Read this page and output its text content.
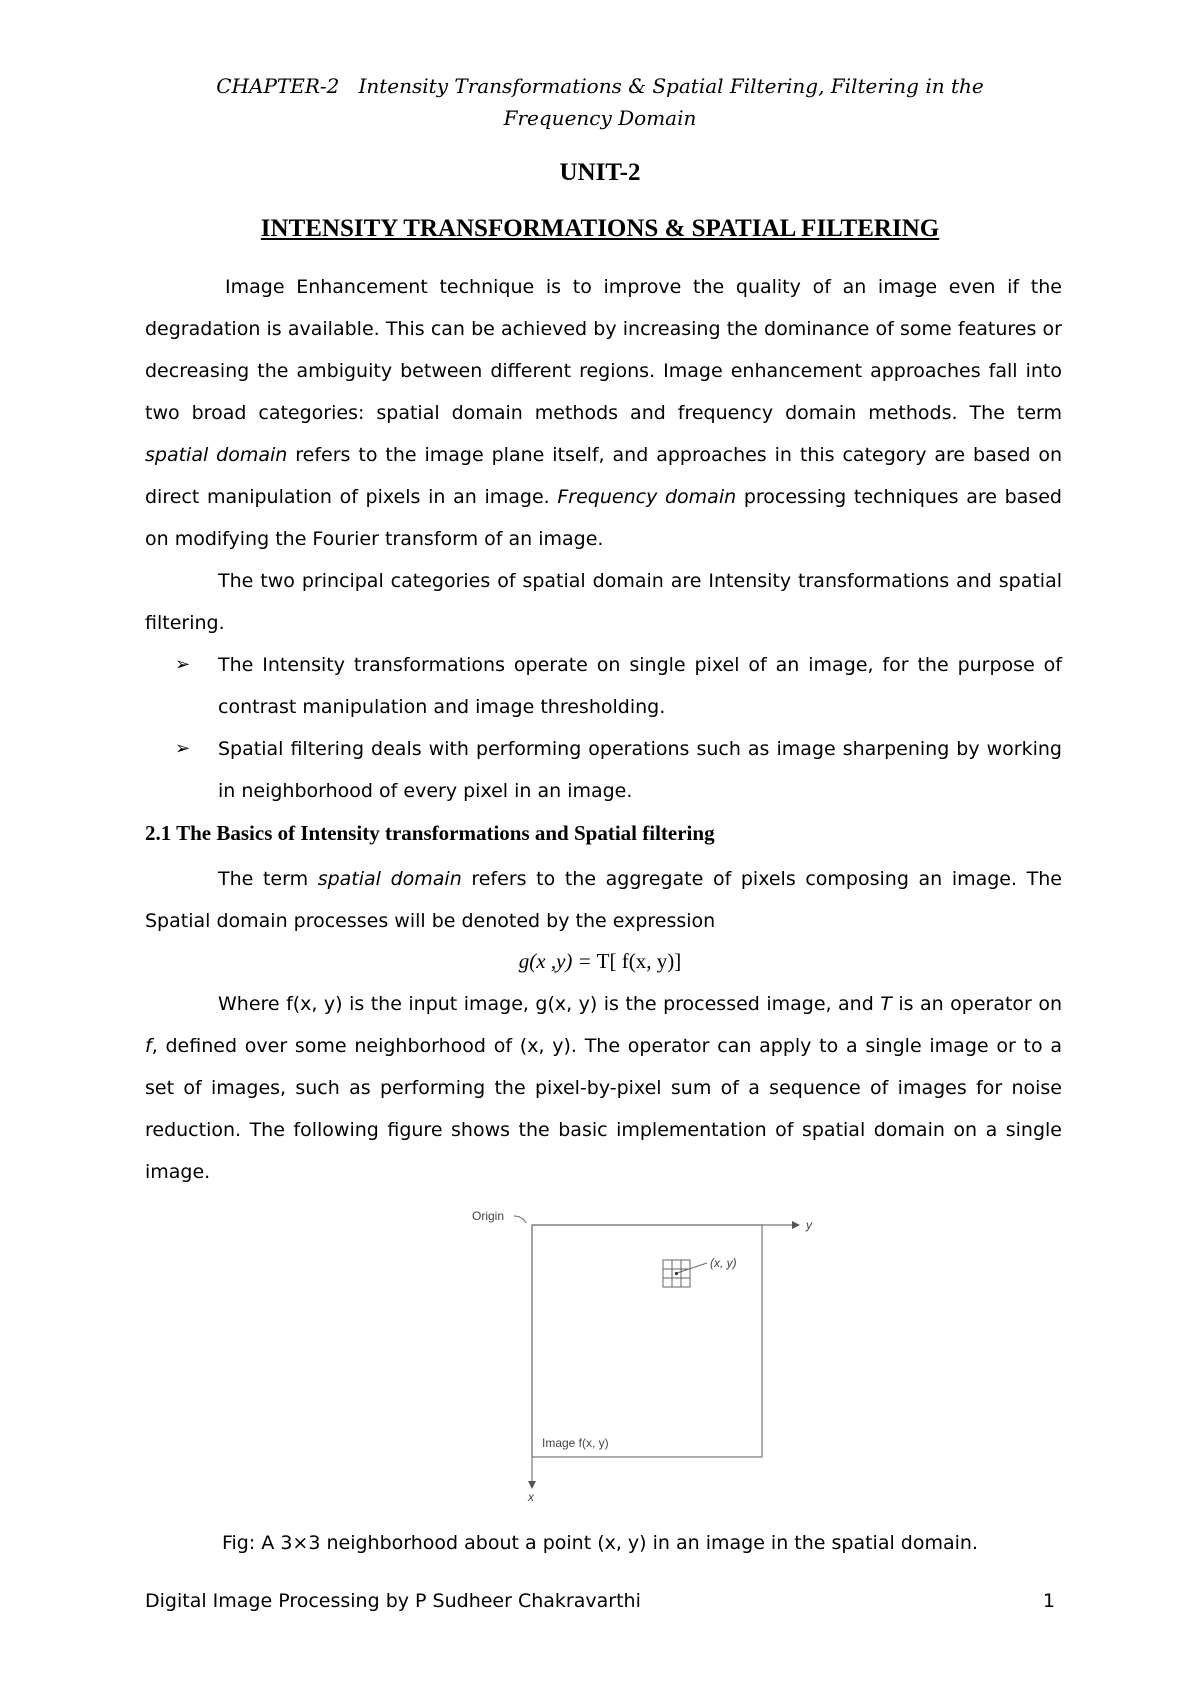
CHAPTER-2   Intensity Transformations & Spatial Filtering, Filtering in the
Frequency Domain
UNIT-2
INTENSITY TRANSFORMATIONS & SPATIAL FILTERING
Image Enhancement technique is to improve the quality of an image even if the degradation is available. This can be achieved by increasing the dominance of some features or decreasing the ambiguity between different regions. Image enhancement approaches fall into two broad categories: spatial domain methods and frequency domain methods. The term spatial domain refers to the image plane itself, and approaches in this category are based on direct manipulation of pixels in an image. Frequency domain processing techniques are based on modifying the Fourier transform of an image.
The two principal categories of spatial domain are Intensity transformations and spatial filtering.
➢ The Intensity transformations operate on single pixel of an image, for the purpose of contrast manipulation and image thresholding.
➢ Spatial filtering deals with performing operations such as image sharpening by working in neighborhood of every pixel in an image.
2.1 The Basics of Intensity transformations and Spatial filtering
The term spatial domain refers to the aggregate of pixels composing an image. The Spatial domain processes will be denoted by the expression
g(x ,y) = T[ f(x, y)]
Where f(x, y) is the input image, g(x, y) is the processed image, and T is an operator on f, defined over some neighborhood of (x, y). The operator can apply to a single image or to a set of images, such as performing the pixel-by-pixel sum of a sequence of images for noise reduction. The following figure shows the basic implementation of spatial domain on a single image.
Origin
y
x
(x, y)
Image f(x, y)
Fig: A 3×3 neighborhood about a point (x, y) in an image in the spatial domain.
Digital Image Processing by P Sudheer Chakravarthi	1
